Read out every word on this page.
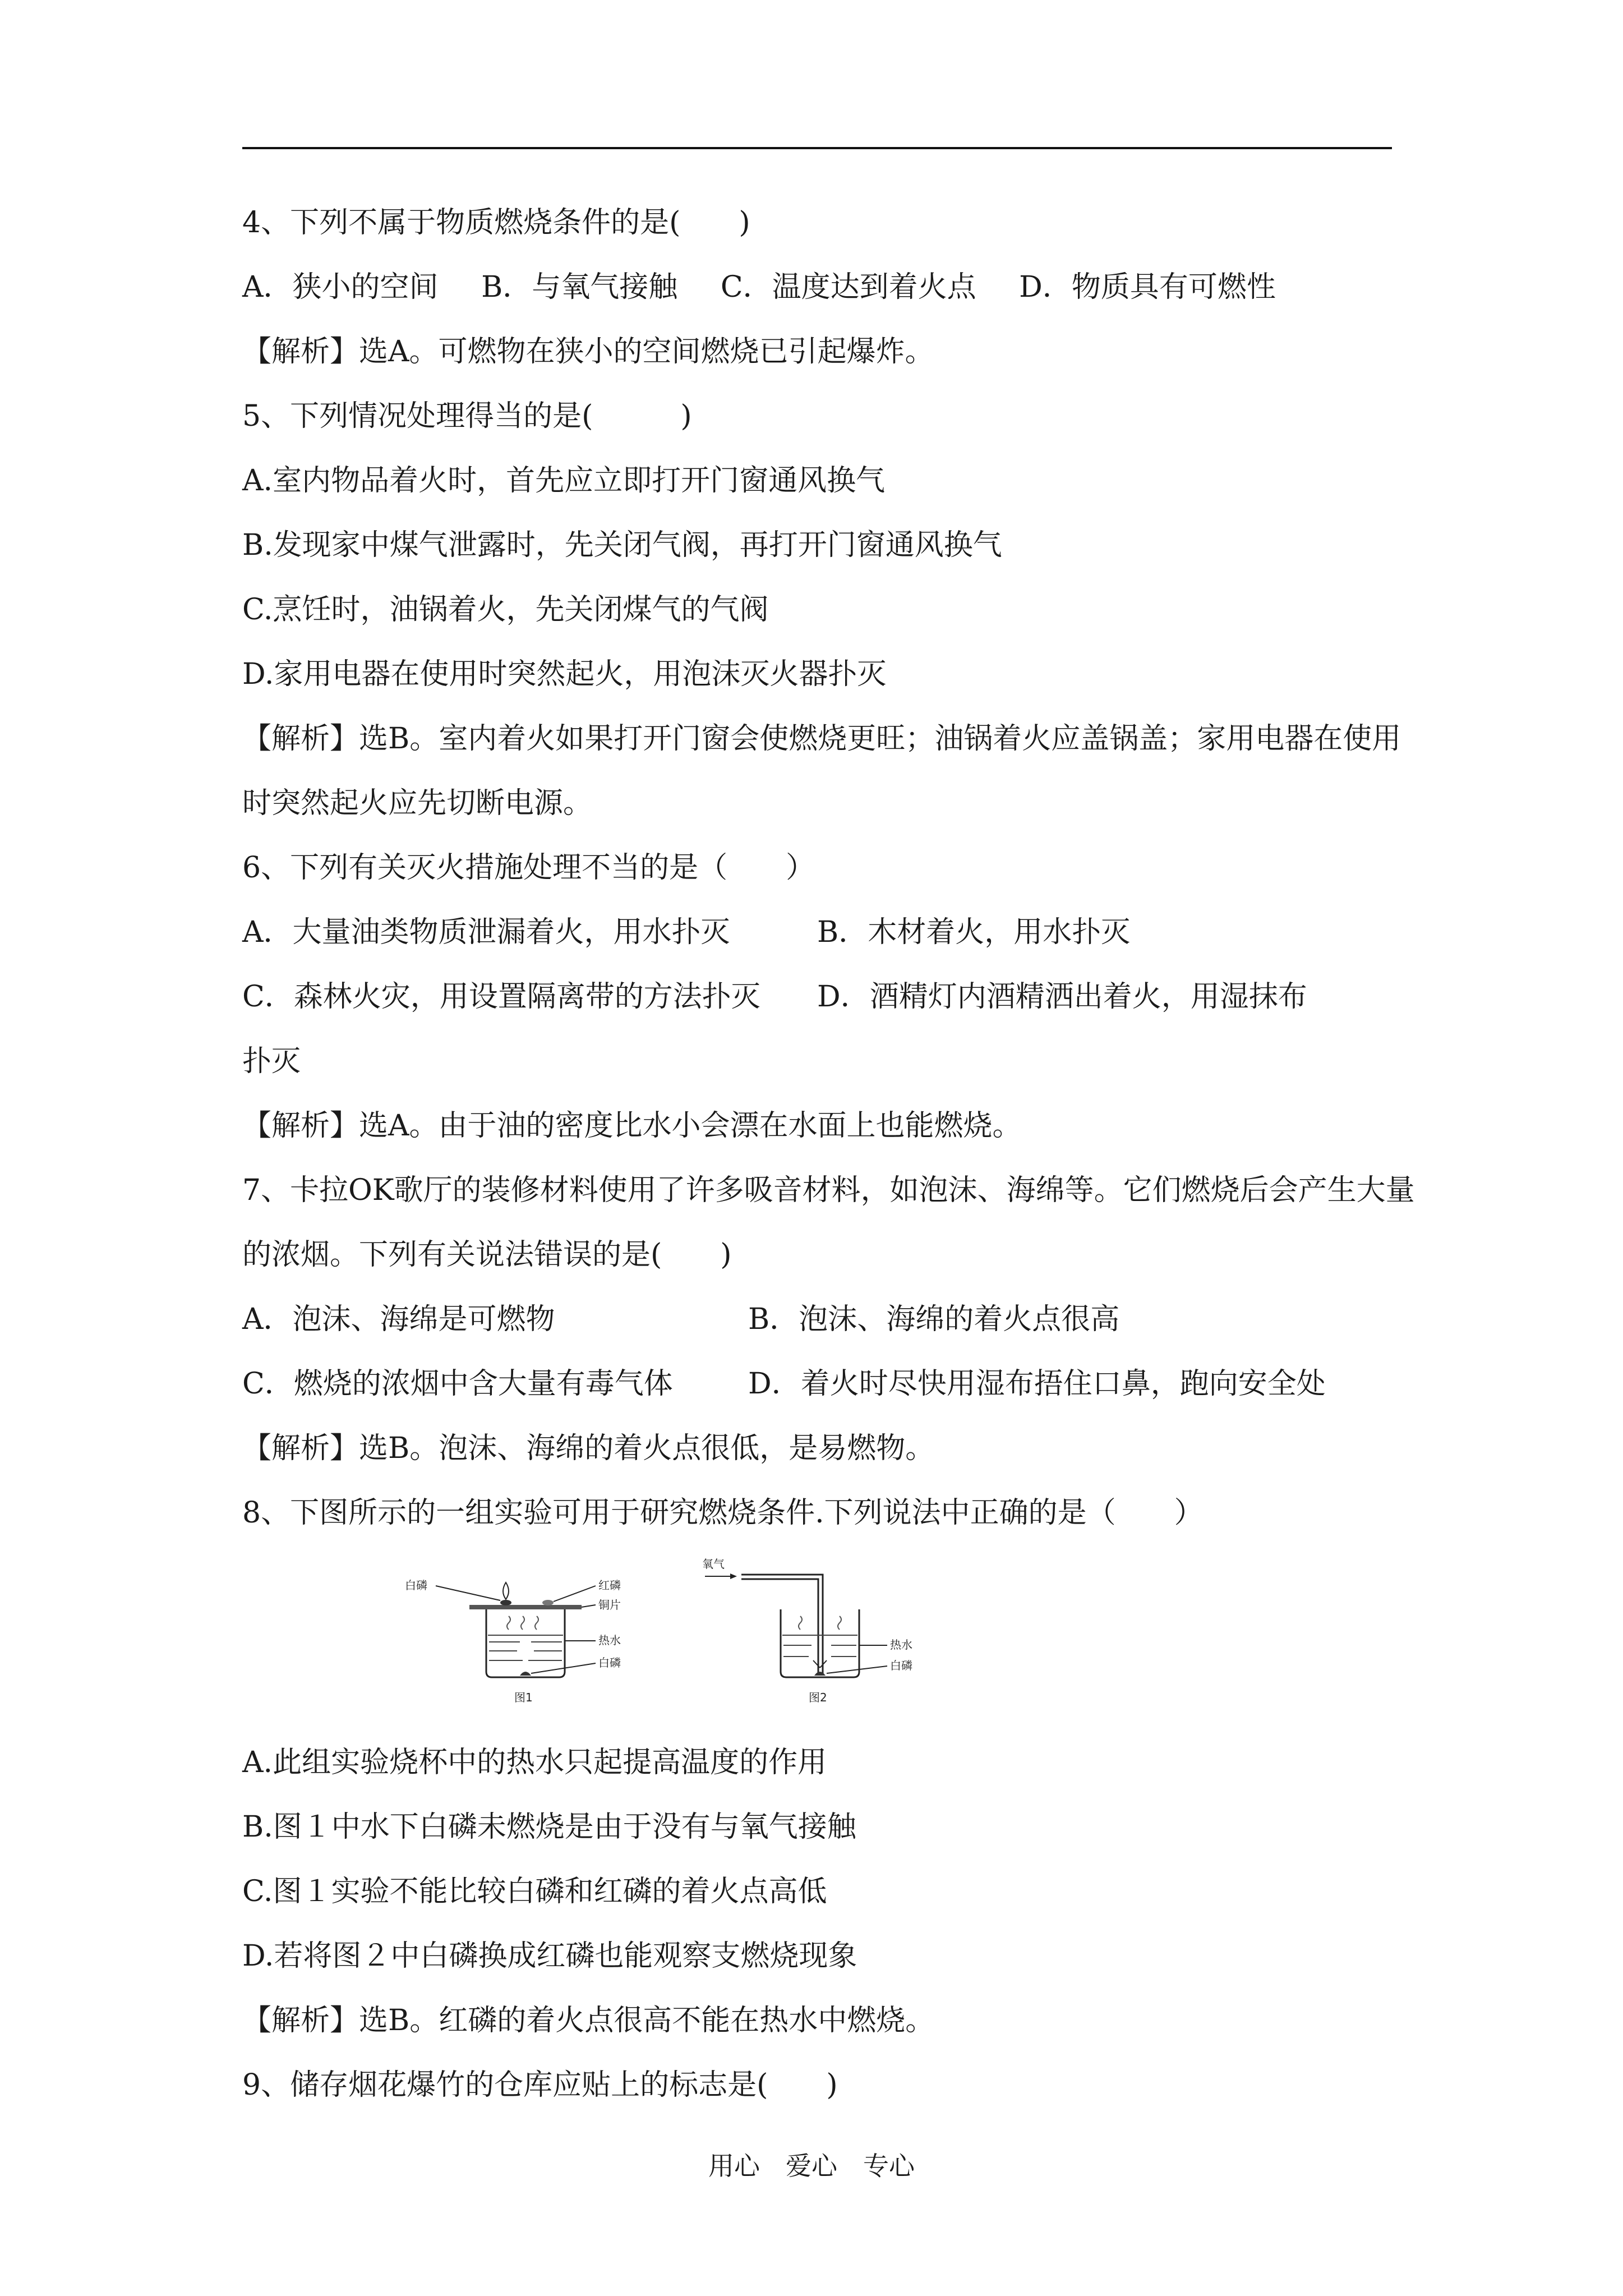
4、下列不属于物质燃烧条件的是(　　)
A．狭小的空间 B．与氧气接触 C．温度达到着火点 D．物质具有可燃性
【解析】选A。可燃物在狭小的空间燃烧已引起爆炸。
5、下列情况处理得当的是(　　　)
A.室内物品着火时，首先应立即打开门窗通风换气
B.发现家中煤气泄露时，先关闭气阀，再打开门窗通风换气
C.烹饪时，油锅着火，先关闭煤气的气阀
D.家用电器在使用时突然起火，用泡沫灭火器扑灭
【解析】选B。室内着火如果打开门窗会使燃烧更旺；油锅着火应盖锅盖；家用电器在使用
时突然起火应先切断电源。
6、下列有关灭火措施处理不当的是（　　）
A．大量油类物质泄漏着火，用水扑灭	B．木材着火，用水扑灭
C．森林火灾，用设置隔离带的方法扑灭	D．酒精灯内酒精洒出着火，用湿抹布
扑灭
【解析】选A。由于油的密度比水小会漂在水面上也能燃烧。
7、卡拉OK歌厅的装修材料使用了许多吸音材料，如泡沫、海绵等。它们燃烧后会产生大量
的浓烟。下列有关说法错误的是(　　)
A．泡沫、海绵是可燃物	B．泡沫、海绵的着火点很高
C．燃烧的浓烟中含大量有毒气体	D．着火时尽快用湿布捂住口鼻，跑向安全处
【解析】选B。泡沫、海绵的着火点很低，是易燃物。
8、下图所示的一组实验可用于研究燃烧条件.下列说法中正确的是（　　）
白磷	红磷
铜片
热水
白磷
图1
氧气
热水
白磷
图2
A.此组实验烧杯中的热水只起提高温度的作用
B.图１中水下白磷未燃烧是由于没有与氧气接触
C.图１实验不能比较白磷和红磷的着火点高低
D.若将图２中白磷换成红磷也能观察支燃烧现象
【解析】选B。红磷的着火点很高不能在热水中燃烧。
9、储存烟花爆竹的仓库应贴上的标志是(　　)
用心　爱心　专心
